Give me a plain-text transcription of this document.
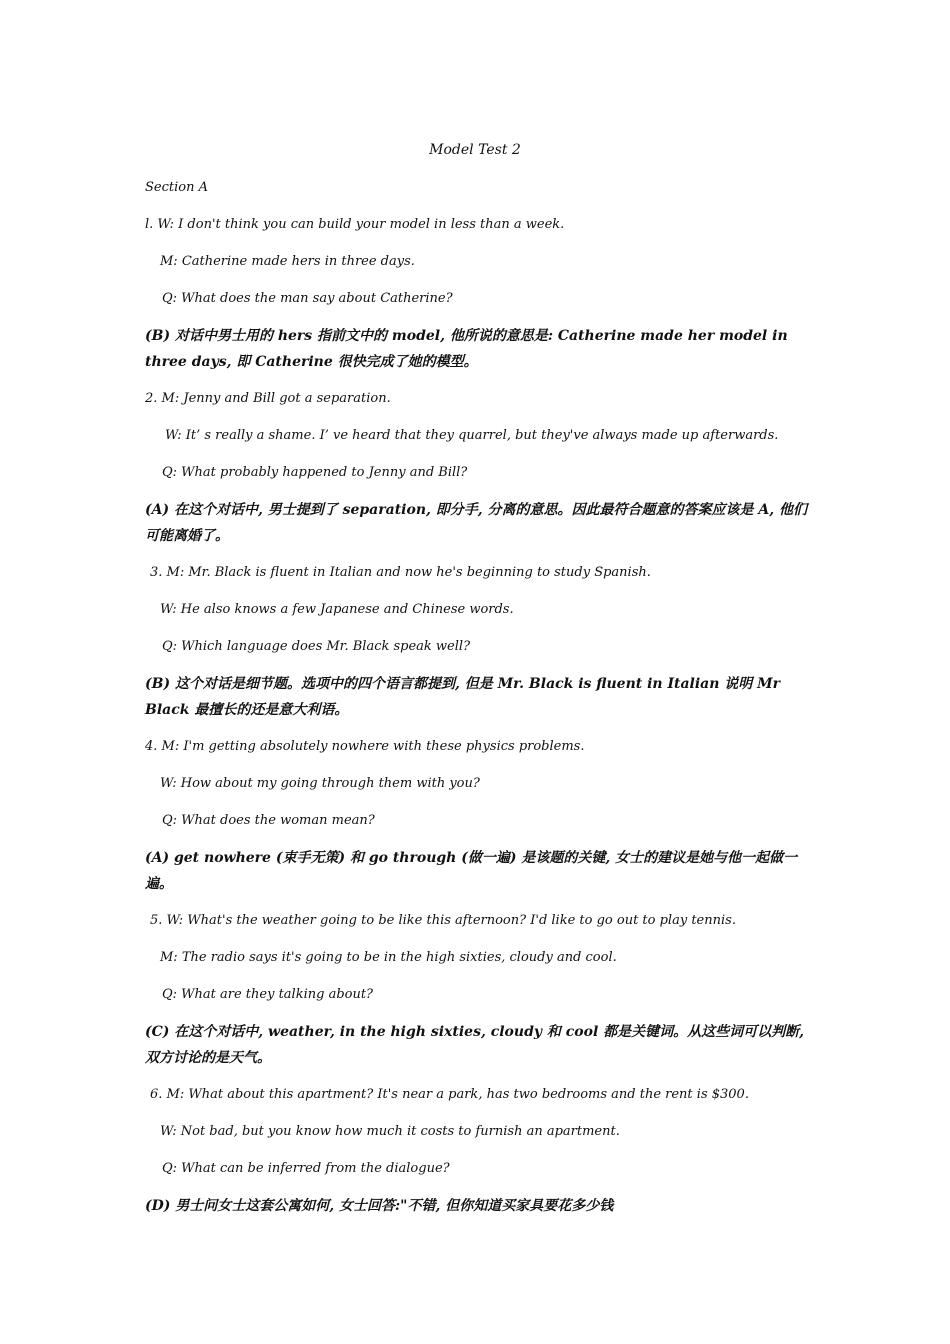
Model Test 2
Section A
l. W: I don't think you can build your model in less than a week.
M: Catherine made hers in three days.
Q: What does the man say about Catherine?
(B) 对话中男士用的 hers 指前文中的 model, 他所说的意思是: Catherine made her model in three days, 即 Catherine 很快完成了她的模型。
2. M: Jenny and Bill got a separation.
W: It’ s really a shame. I’ ve heard that they quarrel, but they've always made up afterwards.
Q: What probably happened to Jenny and Bill?
(A) 在这个对话中, 男士提到了 separation, 即分手, 分离的意思。因此最符合题意的答案应该是 A, 他们可能离婚了。
3. M: Mr. Black is fluent in Italian and now he's beginning to study Spanish.
W: He also knows a few Japanese and Chinese words.
Q: Which language does Mr. Black speak well?
(B) 这个对话是细节题。选项中的四个语言都提到, 但是 Mr. Black is fluent in Italian 说明 Mr Black 最擅长的还是意大利语。
4. M: I'm getting absolutely nowhere with these physics problems.
W: How about my going through them with you?
Q: What does the woman mean?
(A) get nowhere (束手无策) 和 go through (做一遍) 是该题的关键, 女士的建议是她与他一起做一遍。
5. W: What's the weather going to be like this afternoon? I'd like to go out to play tennis.
M: The radio says it's going to be in the high sixties, cloudy and cool.
Q: What are they talking about?
(C) 在这个对话中, weather, in the high sixties, cloudy 和 cool 都是关键词。从这些词可以判断, 双方讨论的是天气。
6. M: What about this apartment? It's near a park, has two bedrooms and the rent is $300.
W: Not bad, but you know how much it costs to furnish an apartment.
Q: What can be inferred from the dialogue?
(D) 男士问女士这套公寓如何, 女士回答:"不错, 但你知道买家具要花多少钱
